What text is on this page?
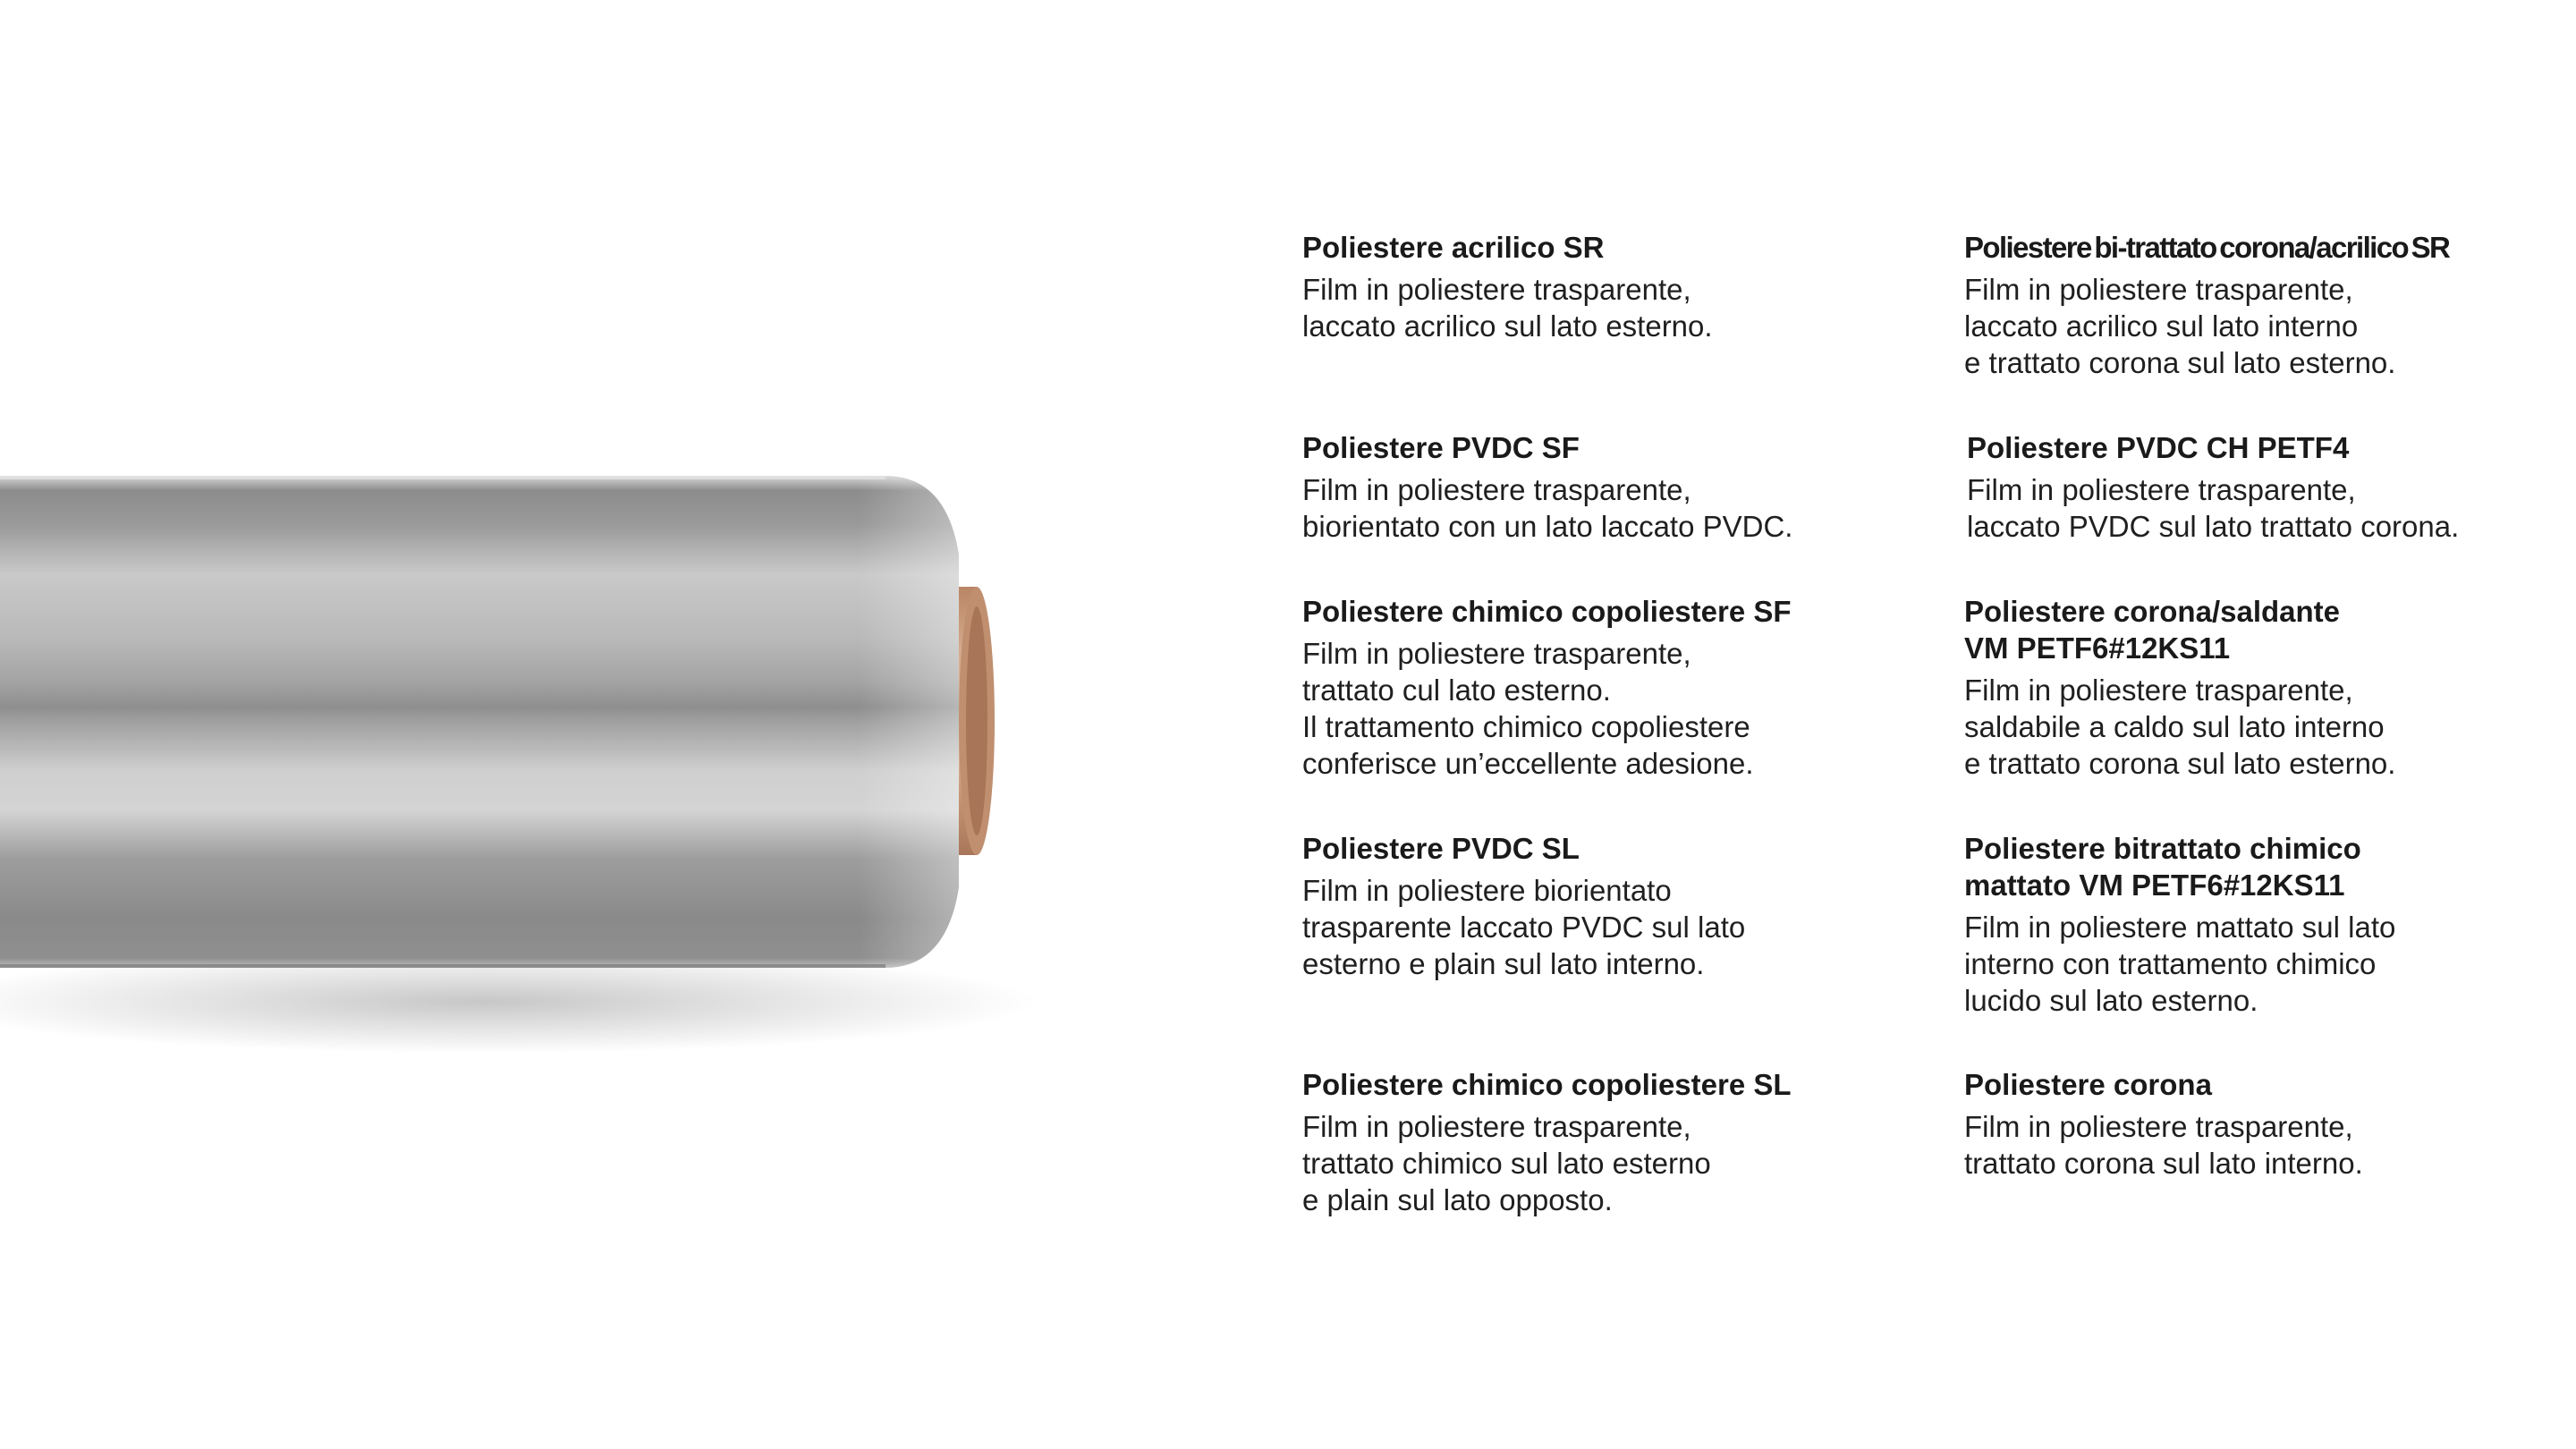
Poliestere acrilico SR

Film in poliestere trasparente,
laccato acrilico sul lato esterno.

Poliestere PVDC SF

Film in poliestere trasparente,
biorientato con un lato laccato PVDC.

Poliestere chimico copoliestere SF

Film in poliestere trasparente,
trattato cul lato esterno.
Il trattamento chimico copoliestere
conferisce un’eccellente adesione.

Poliestere PVDC SL

Film in poliestere biorientato
trasparente laccato PVDC sul lato
esterno e plain sul lato interno.

Poliestere chimico copoliestere SL

Film in poliestere trasparente,
trattato chimico sul lato esterno
e plain sul lato opposto.

Poliestere bi-trattato corona/acrilico SR

Film in poliestere trasparente,
laccato acrilico sul lato interno
e trattato corona sul lato esterno.

Poliestere PVDC CH PETF4

Film in poliestere trasparente,
laccato PVDC sul lato trattato corona.

Poliestere corona/saldante
VM PETF6#12KS11

Film in poliestere trasparente,
saldabile a caldo sul lato interno
e trattato corona sul lato esterno.

Poliestere bitrattato chimico
mattato VM PETF6#12KS11

Film in poliestere mattato sul lato
interno con trattamento chimico
lucido sul lato esterno.

Poliestere corona

Film in poliestere trasparente,
trattato corona sul lato interno.
